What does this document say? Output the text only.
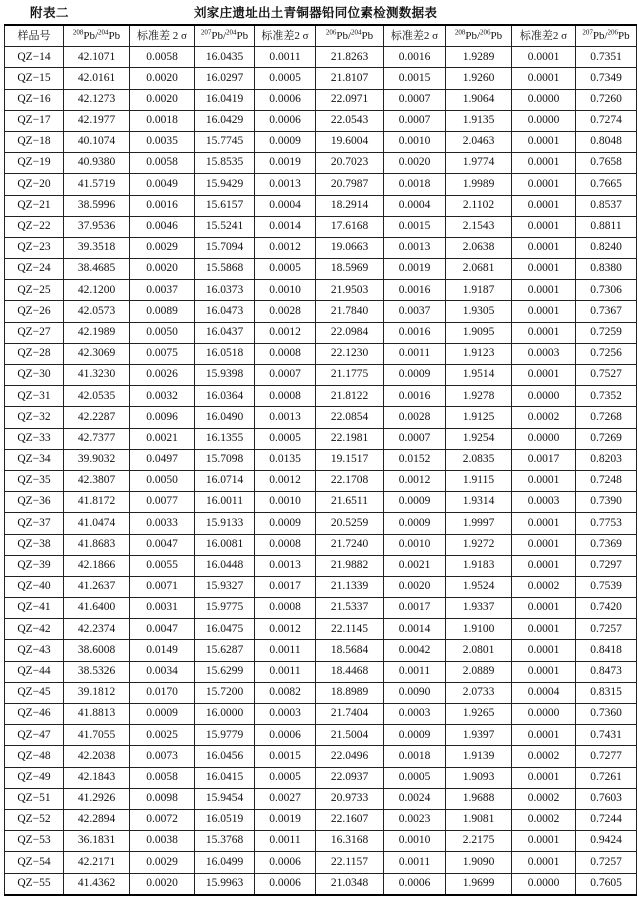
附表二	刘家庄遗址出土青铜器铅同位素检测数据表
样品号	$^{208}$Pb/$^{204}$Pb	标准差 2 σ	$^{207}$Pb/$^{204}$Pb	标准差2 σ	$^{206}$Pb/$^{204}$Pb	标准差2 σ	$^{208}$Pb/$^{206}$Pb	标准差2 σ	$^{207}$Pb/$^{206}$Pb
QZ−14	42.1071	0.0058	16.0435	0.0011	21.8263	0.0016	1.9289	0.0001	0.7351
QZ−15	42.0161	0.0020	16.0297	0.0005	21.8107	0.0015	1.9260	0.0001	0.7349
QZ−16	42.1273	0.0020	16.0419	0.0006	22.0971	0.0007	1.9064	0.0000	0.7260
QZ−17	42.1977	0.0018	16.0429	0.0006	22.0543	0.0007	1.9135	0.0000	0.7274
QZ−18	40.1074	0.0035	15.7745	0.0009	19.6004	0.0010	2.0463	0.0001	0.8048
QZ−19	40.9380	0.0058	15.8535	0.0019	20.7023	0.0020	1.9774	0.0001	0.7658
QZ−20	41.5719	0.0049	15.9429	0.0013	20.7987	0.0018	1.9989	0.0001	0.7665
QZ−21	38.5996	0.0016	15.6157	0.0004	18.2914	0.0004	2.1102	0.0001	0.8537
QZ−22	37.9536	0.0046	15.5241	0.0014	17.6168	0.0015	2.1543	0.0001	0.8811
QZ−23	39.3518	0.0029	15.7094	0.0012	19.0663	0.0013	2.0638	0.0001	0.8240
QZ−24	38.4685	0.0020	15.5868	0.0005	18.5969	0.0019	2.0681	0.0001	0.8380
QZ−25	42.1200	0.0037	16.0373	0.0010	21.9503	0.0016	1.9187	0.0001	0.7306
QZ−26	42.0573	0.0089	16.0473	0.0028	21.7840	0.0037	1.9305	0.0001	0.7367
QZ−27	42.1989	0.0050	16.0437	0.0012	22.0984	0.0016	1.9095	0.0001	0.7259
QZ−28	42.3069	0.0075	16.0518	0.0008	22.1230	0.0011	1.9123	0.0003	0.7256
QZ−30	41.3230	0.0026	15.9398	0.0007	21.1775	0.0009	1.9514	0.0001	0.7527
QZ−31	42.0535	0.0032	16.0364	0.0008	21.8122	0.0016	1.9278	0.0000	0.7352
QZ−32	42.2287	0.0096	16.0490	0.0013	22.0854	0.0028	1.9125	0.0002	0.7268
QZ−33	42.7377	0.0021	16.1355	0.0005	22.1981	0.0007	1.9254	0.0000	0.7269
QZ−34	39.9032	0.0497	15.7098	0.0135	19.1517	0.0152	2.0835	0.0017	0.8203
QZ−35	42.3807	0.0050	16.0714	0.0012	22.1708	0.0012	1.9115	0.0001	0.7248
QZ−36	41.8172	0.0077	16.0011	0.0010	21.6511	0.0009	1.9314	0.0003	0.7390
QZ−37	41.0474	0.0033	15.9133	0.0009	20.5259	0.0009	1.9997	0.0001	0.7753
QZ−38	41.8683	0.0047	16.0081	0.0008	21.7240	0.0010	1.9272	0.0001	0.7369
QZ−39	42.1866	0.0055	16.0448	0.0013	21.9882	0.0021	1.9183	0.0001	0.7297
QZ−40	41.2637	0.0071	15.9327	0.0017	21.1339	0.0020	1.9524	0.0002	0.7539
QZ−41	41.6400	0.0031	15.9775	0.0008	21.5337	0.0017	1.9337	0.0001	0.7420
QZ−42	42.2374	0.0047	16.0475	0.0012	22.1145	0.0014	1.9100	0.0001	0.7257
QZ−43	38.6008	0.0149	15.6287	0.0011	18.5684	0.0042	2.0801	0.0001	0.8418
QZ−44	38.5326	0.0034	15.6299	0.0011	18.4468	0.0011	2.0889	0.0001	0.8473
QZ−45	39.1812	0.0170	15.7200	0.0082	18.8989	0.0090	2.0733	0.0004	0.8315
QZ−46	41.8813	0.0009	16.0000	0.0003	21.7404	0.0003	1.9265	0.0000	0.7360
QZ−47	41.7055	0.0025	15.9779	0.0006	21.5004	0.0009	1.9397	0.0001	0.7431
QZ−48	42.2038	0.0073	16.0456	0.0015	22.0496	0.0018	1.9139	0.0002	0.7277
QZ−49	42.1843	0.0058	16.0415	0.0005	22.0937	0.0005	1.9093	0.0001	0.7261
QZ−51	41.2926	0.0098	15.9454	0.0027	20.9733	0.0024	1.9688	0.0002	0.7603
QZ−52	42.2894	0.0072	16.0519	0.0019	22.1607	0.0023	1.9081	0.0002	0.7244
QZ−53	36.1831	0.0038	15.3768	0.0011	16.3168	0.0010	2.2175	0.0001	0.9424
QZ−54	42.2171	0.0029	16.0499	0.0006	22.1157	0.0011	1.9090	0.0001	0.7257
QZ−55	41.4362	0.0020	15.9963	0.0006	21.0348	0.0006	1.9699	0.0000	0.7605
